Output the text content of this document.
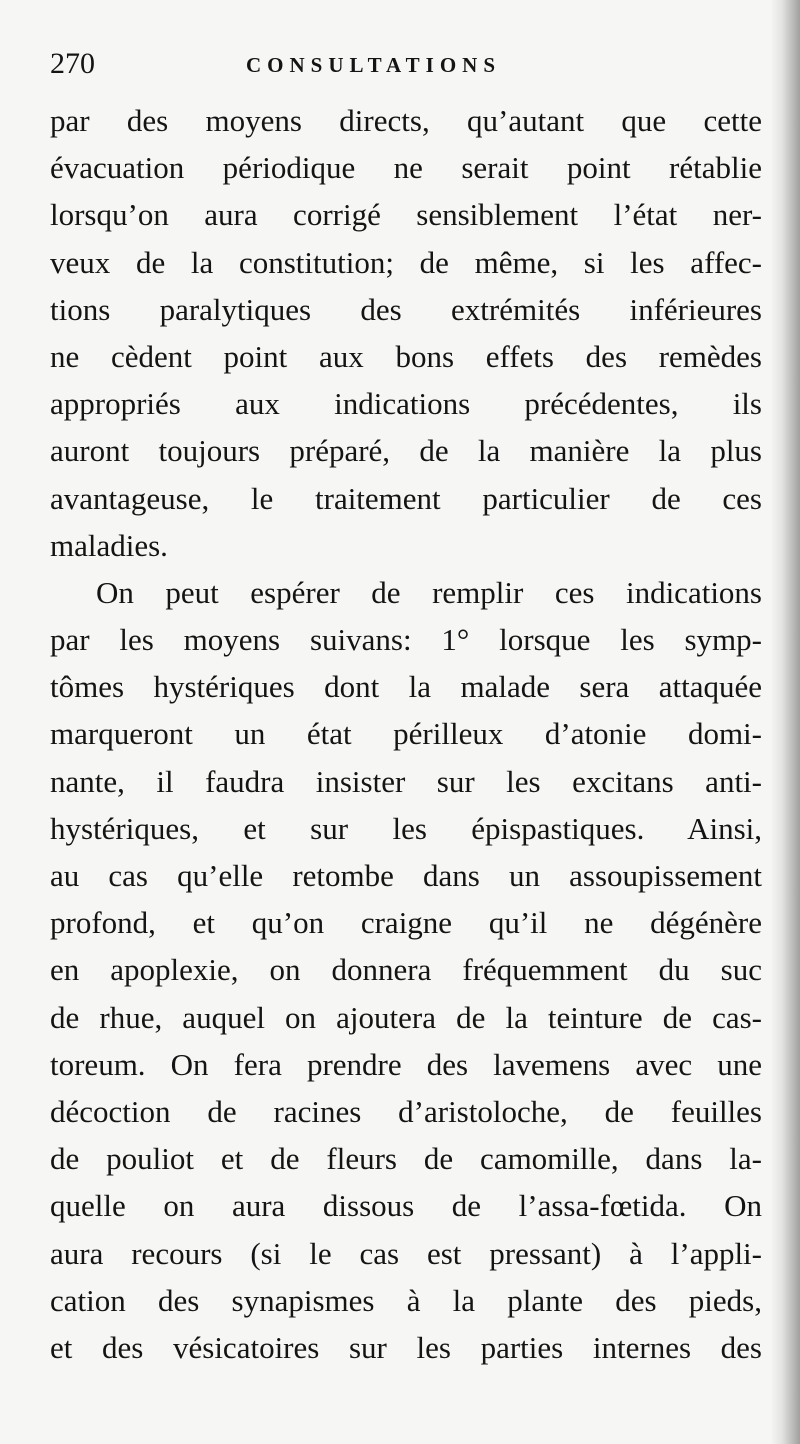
270	CONSULTATIONS
par des moyens directs, qu’autant que cette
évacuation périodique ne serait point rétablie
lorsqu’on aura corrigé sensiblement l’état ner-
veux de la constitution; de même, si les affec-
tions paralytiques des extrémités inférieures
ne cèdent point aux bons effets des remèdes
appropriés aux indications précédentes, ils
auront toujours préparé, de la manière la plus
avantageuse, le traitement particulier de ces
maladies.
On peut espérer de remplir ces indications
par les moyens suivans: 1° lorsque les symp-
tômes hystériques dont la malade sera attaquée
marqueront un état périlleux d’atonie domi-
nante, il faudra insister sur les excitans anti-
hystériques, et sur les épispastiques. Ainsi,
au cas qu’elle retombe dans un assoupissement
profond, et qu’on craigne qu’il ne dégénère
en apoplexie, on donnera fréquemment du suc
de rhue, auquel on ajoutera de la teinture de cas-
toreum. On fera prendre des lavemens avec une
décoction de racines d’aristoloche, de feuilles
de pouliot et de fleurs de camomille, dans la-
quelle on aura dissous de l’assa-fœtida. On
aura recours (si le cas est pressant) à l’appli-
cation des synapismes à la plante des pieds,
et des vésicatoires sur les parties internes des
